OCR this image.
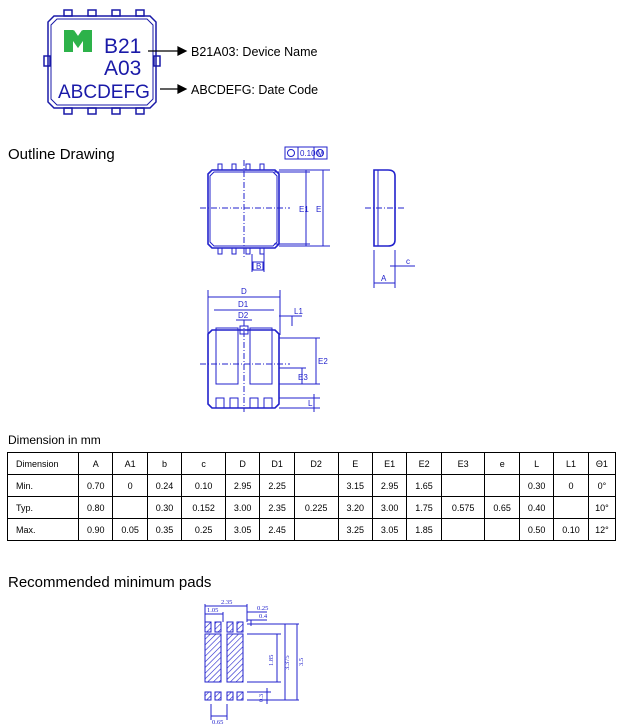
B21
A03
ABCDEFG
B21A03: Device Name
ABCDEFG: Date Code
Outline Drawing	0.10 M
E1 E
B
c
A
D
D1
D2	L1
E2
E3
L
Dimension in mm
Dimension	A	A1	b	c	D	D1	D2	E	E1	E2	E3	e	L	L1	Θ1
Min.	0.70	0	0.24	0.10	2.95	2.25		3.15	2.95	1.65			0.30	0	0°
Typ.	0.80		0.30	0.152	3.00	2.35	0.225	3.20	3.00	1.75	0.575	0.65	0.40		10°
Max.	0.90	0.05	0.35	0.25	3.05	2.45		3.25	3.05	1.85			0.50	0.10	12°
Recommended minimum pads
2.35
1.05	0.25
0.4
1.85 3.375 3.5
0.3
0.65
